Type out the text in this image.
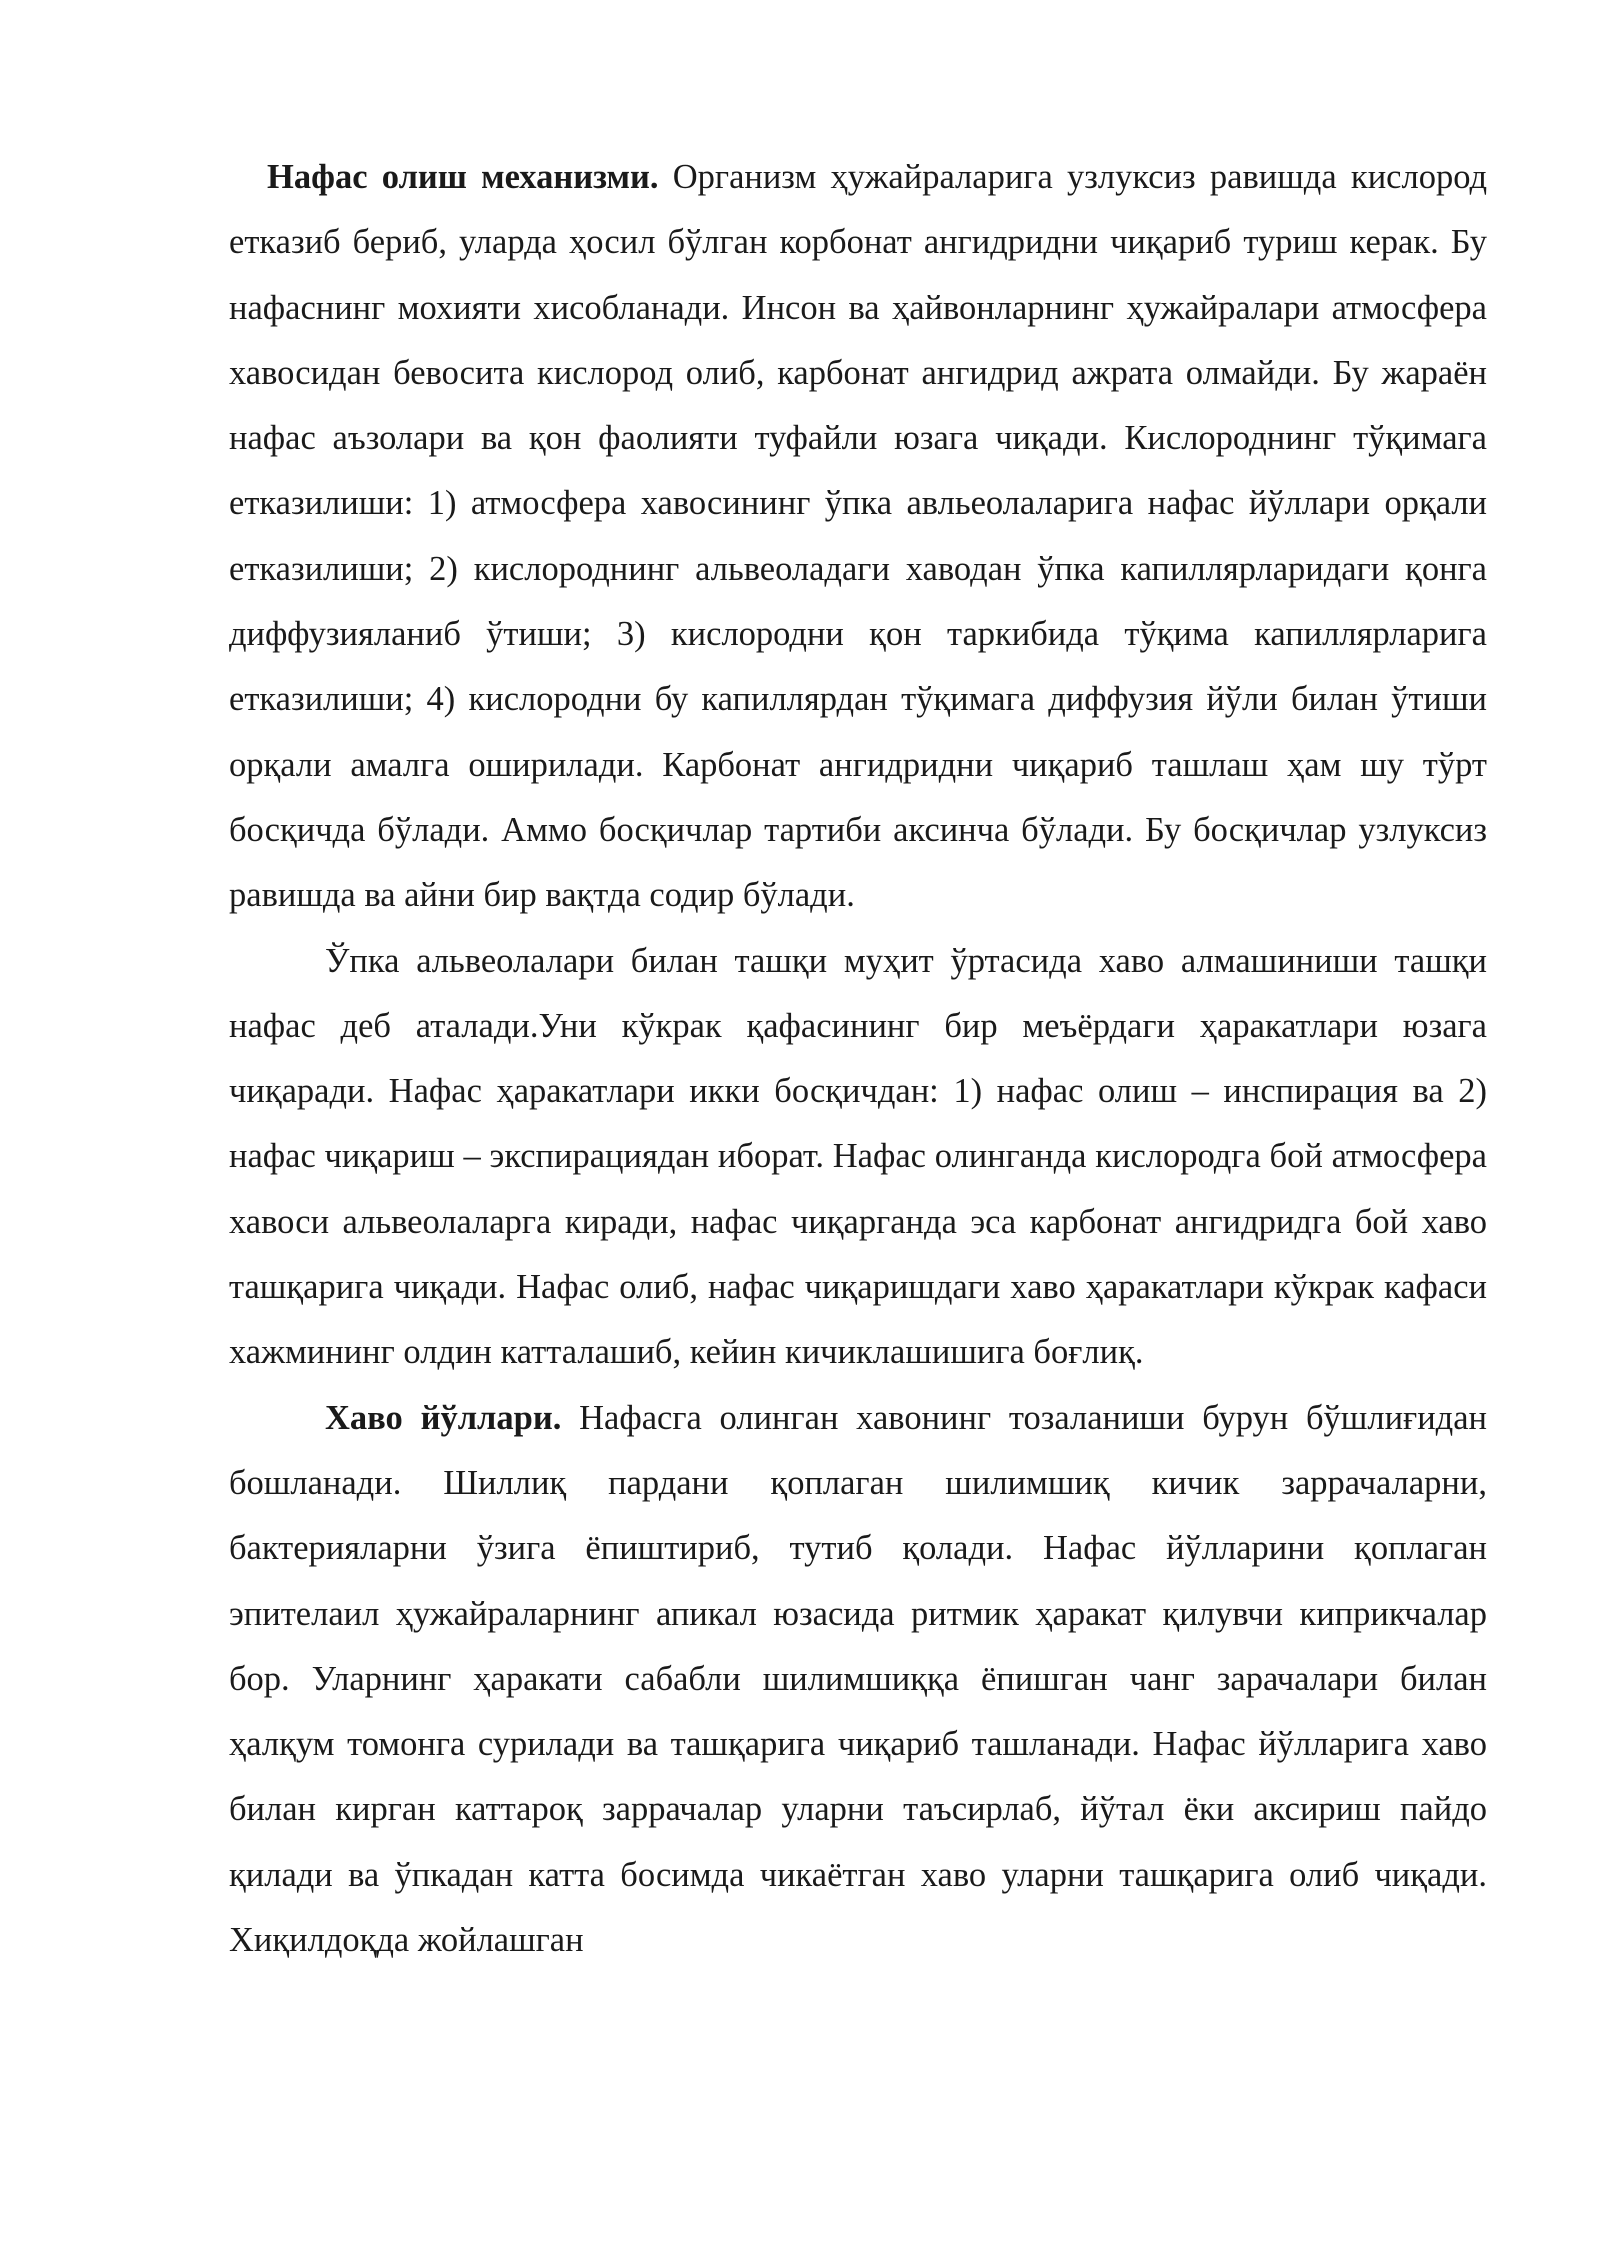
Нафас олиш механизми. Организм ҳужайраларига узлуксиз равишда кислород етказиб бериб, уларда ҳосил бўлган корбонат ангидридни чиқариб туриш керак. Бу нафаснинг мохияти хисобланади. Инсон ва ҳайвонларнинг ҳужайралари атмосфера хавосидан бевосита кислород олиб, карбонат ангидрид ажрата олмайди. Бу жараён нафас аъзолари ва қон фаолияти туфайли юзага чиқади. Кислороднинг тўқимага етказилиши: 1) атмосфера хавосининг ўпка авльеолаларига нафас йўллари орқали етказилиши; 2) кислороднинг альвеоладаги хаводан ўпка капиллярларидаги қонга диффузияланиб ўтиши; 3) кислородни қон таркибида тўқима капиллярларига етказилиши; 4) кислородни бу капиллярдан тўқимага диффузия йўли билан ўтиши орқали амалга оширилади. Карбонат ангидридни чиқариб ташлаш ҳам шу тўрт босқичда бўлади. Аммо босқичлар тартиби аксинча бўлади. Бу босқичлар узлуксиз равишда ва айни бир вақтда содир бўлади.

Ўпка альвеолалари билан ташқи муҳит ўртасида хаво алмашиниши ташқи нафас деб аталади.Уни кўкрак қафасининг бир меъёрдаги ҳаракатлари юзага чиқаради. Нафас ҳаракатлари икки босқичдан: 1) нафас олиш – инспирация ва 2) нафас чиқариш – экспирациядан иборат. Нафас олинганда кислородга бой атмосфера хавоси альвеолаларга киради, нафас чиқарганда эса карбонат ангидридга бой хаво ташқарига чиқади. Нафас олиб, нафас чиқаришдаги хаво ҳаракатлари кўкрак кафаси хажмининг олдин катталашиб, кейин кичиклашишига боғлиқ.

Хаво йўллари. Нафасга олинган хавонинг тозаланиши бурун бўшлиғидан бошланади. Шиллиқ пардани қоплаган шилимшиқ кичик заррачаларни, бактерияларни ўзига ёпиштириб, тутиб қолади. Нафас йўлларини қоплаган эпителаил ҳужайраларнинг апикал юзасида ритмик ҳаракат қилувчи киприкчалар бор. Уларнинг ҳаракати сабабли шилимшиққа ёпишган чанг зарачалари билан ҳалқум томонга сурилади ва ташқарига чиқариб ташланади. Нафас йўлларига хаво билан кирган каттароқ заррачалар уларни таъсирлаб, йўтал ёки аксириш пайдо қилади ва ўпкадан катта босимда чикаётган хаво уларни ташқарига олиб чиқади. Хиқилдоқда жойлашган
